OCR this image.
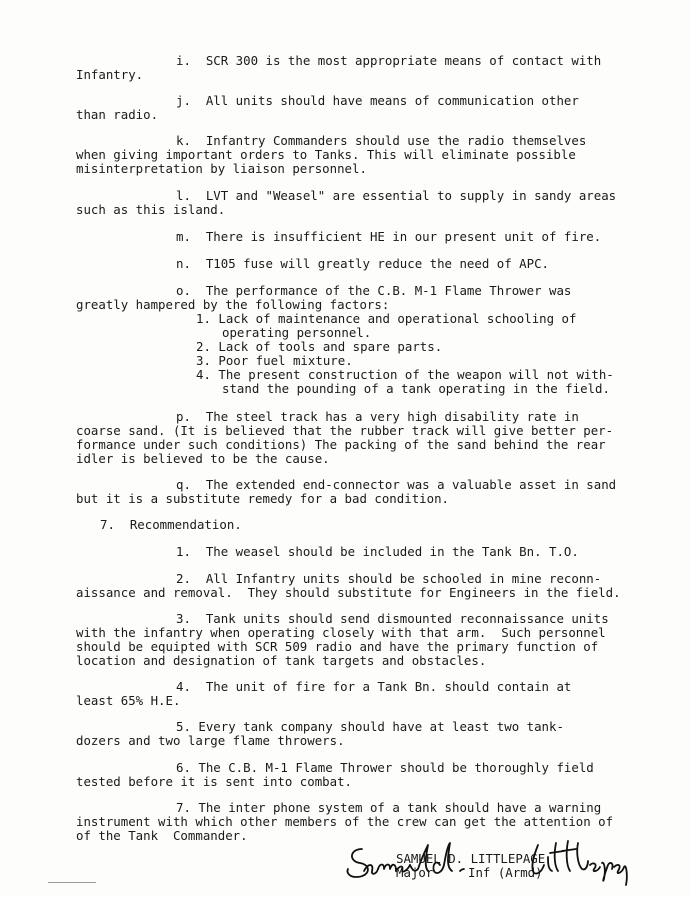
i.  SCR 300 is the most appropriate means of contact with
Infantry.
j.  All units should have means of communication other
than radio.
k.  Infantry Commanders should use the radio themselves
when giving important orders to Tanks. This will eliminate possible
misinterpretation by liaison personnel.
l.  LVT and "Weasel" are essential to supply in sandy areas
such as this island.
m.  There is insufficient HE in our present unit of fire.
n.  T105 fuse will greatly reduce the need of APC.
o.  The performance of the C.B. M-1 Flame Thrower was
greatly hampered by the following factors:
1. Lack of maintenance and operational schooling of
operating personnel.
2. Lack of tools and spare parts.
3. Poor fuel mixture.
4. The present construction of the weapon will not with-
stand the pounding of a tank operating in the field.
p.  The steel track has a very high disability rate in
coarse sand. (It is believed that the rubber track will give better per-
formance under such conditions) The packing of the sand behind the rear
idler is believed to be the cause.
q.  The extended end-connector was a valuable asset in sand
but it is a substitute remedy for a bad condition.
7.  Recommendation.
1.  The weasel should be included in the Tank Bn. T.O.
2.  All Infantry units should be schooled in mine reconn-
aissance and removal.  They should substitute for Engineers in the field.
3.  Tank units should send dismounted reconnaissance units
with the infantry when operating closely with that arm.  Such personnel
should be equipted with SCR 509 radio and have the primary function of
location and designation of tank targets and obstacles.
4.  The unit of fire for a Tank Bn. should contain at
least 65% H.E.
5. Every tank company should have at least two tank-
dozers and two large flame throwers.
6. The C.B. M-1 Flame Thrower should be thoroughly field
tested before it is sent into combat.
7. The inter phone system of a tank should have a warning
instrument with which other members of the crew can get the attention of
of the Tank  Commander.
SAMUEL D. LITTLEPAGE
Major	Inf (Armd)
